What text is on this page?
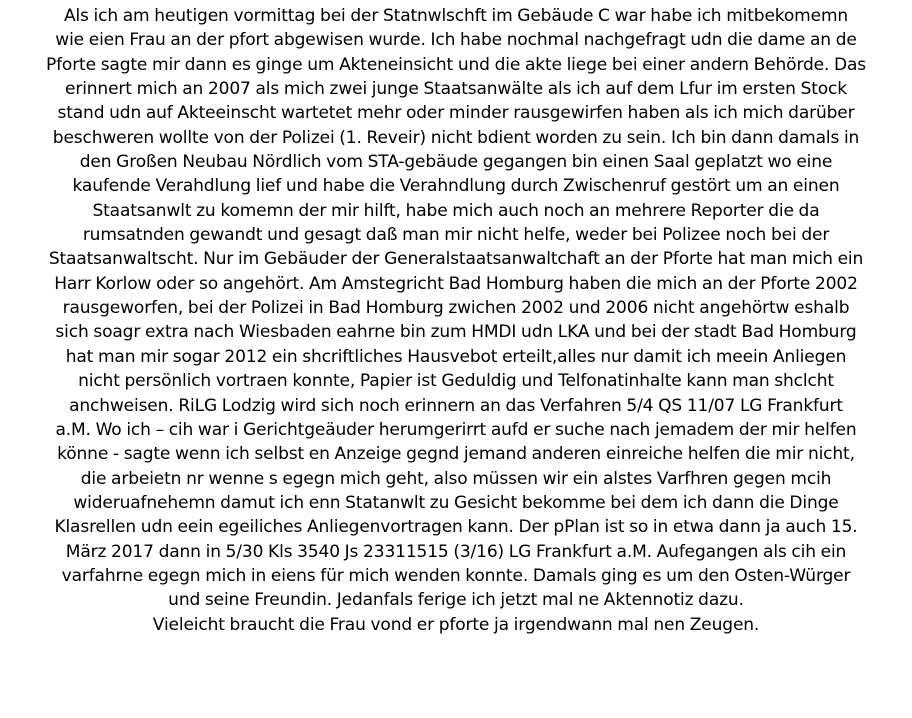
Als ich am heutigen vormittag bei der Statnwlschft im Gebäude C war habe ich mitbekomemn
wie eien Frau an der pfort abgewisen wurde. Ich habe nochmal nachgefragt udn die dame an de
Pforte sagte mir dann es ginge um Akteneinsicht und die akte liege bei einer andern Behörde. Das
erinnert mich an 2007 als mich zwei junge Staatsanwälte als ich auf dem Lfur im ersten Stock
stand udn auf Akteeinscht wartetet mehr oder minder rausgewirfen haben als ich mich darüber
beschweren wollte von der Polizei (1. Reveir) nicht bdient worden zu sein. Ich bin dann damals in
den Großen Neubau Nördlich vom STA-gebäude gegangen bin einen Saal geplatzt wo eine
kaufende Verahdlung lief und habe die Verahndlung durch Zwischenruf gestört um an einen
Staatsanwlt zu komemn der mir hilft, habe mich auch noch an mehrere Reporter die da
rumsatnden gewandt und gesagt daß man mir nicht helfe, weder bei Polizee noch bei der
Staatsanwaltscht. Nur im Gebäuder der Generalstaatsanwaltchaft an der Pforte hat man mich ein
Harr Korlow oder so angehört. Am Amstegricht Bad Homburg haben die mich an der Pforte 2002
rausgeworfen, bei der Polizei in Bad Homburg zwichen 2002 und 2006 nicht angehörtw eshalb
sich soagr extra nach Wiesbaden eahrne bin zum HMDI udn LKA und bei der stadt Bad Homburg
hat man mir sogar 2012 ein shcriftliches Hausvebot erteilt,alles nur damit ich meein Anliegen
nicht persönlich vortraen konnte, Papier ist Geduldig und Telfonatinhalte kann man shclcht
anchweisen. RiLG Lodzig wird sich noch erinnern an das Verfahren 5/4 QS 11/07 LG Frankfurt
a.M. Wo ich – cih war i Gerichtgeäuder herumgerirrt aufd er suche nach jemadem der mir helfen
könne - sagte wenn ich selbst en Anzeige gegnd jemand anderen einreiche helfen die mir nicht,
die arbeietn nr wenne s egegn mich geht, also müssen wir ein alstes Varfhren gegen mcih
wideruafnehemn damut ich enn Statanwlt zu Gesicht bekomme bei dem ich dann die Dinge
Klasrellen udn eein egeiliches Anliegenvortragen kann. Der pPlan ist so in etwa dann ja auch 15.
März 2017 dann in 5/30 Kls 3540 Js 23311515 (3/16) LG Frankfurt a.M. Aufegangen als cih ein
varfahrne egegn mich in eiens für mich wenden konnte. Damals ging es um den Osten-Würger
und seine Freundin. Jedanfals ferige ich jetzt mal ne Aktennotiz dazu.
Vieleicht braucht die Frau vond er pforte ja irgendwann mal nen Zeugen.
